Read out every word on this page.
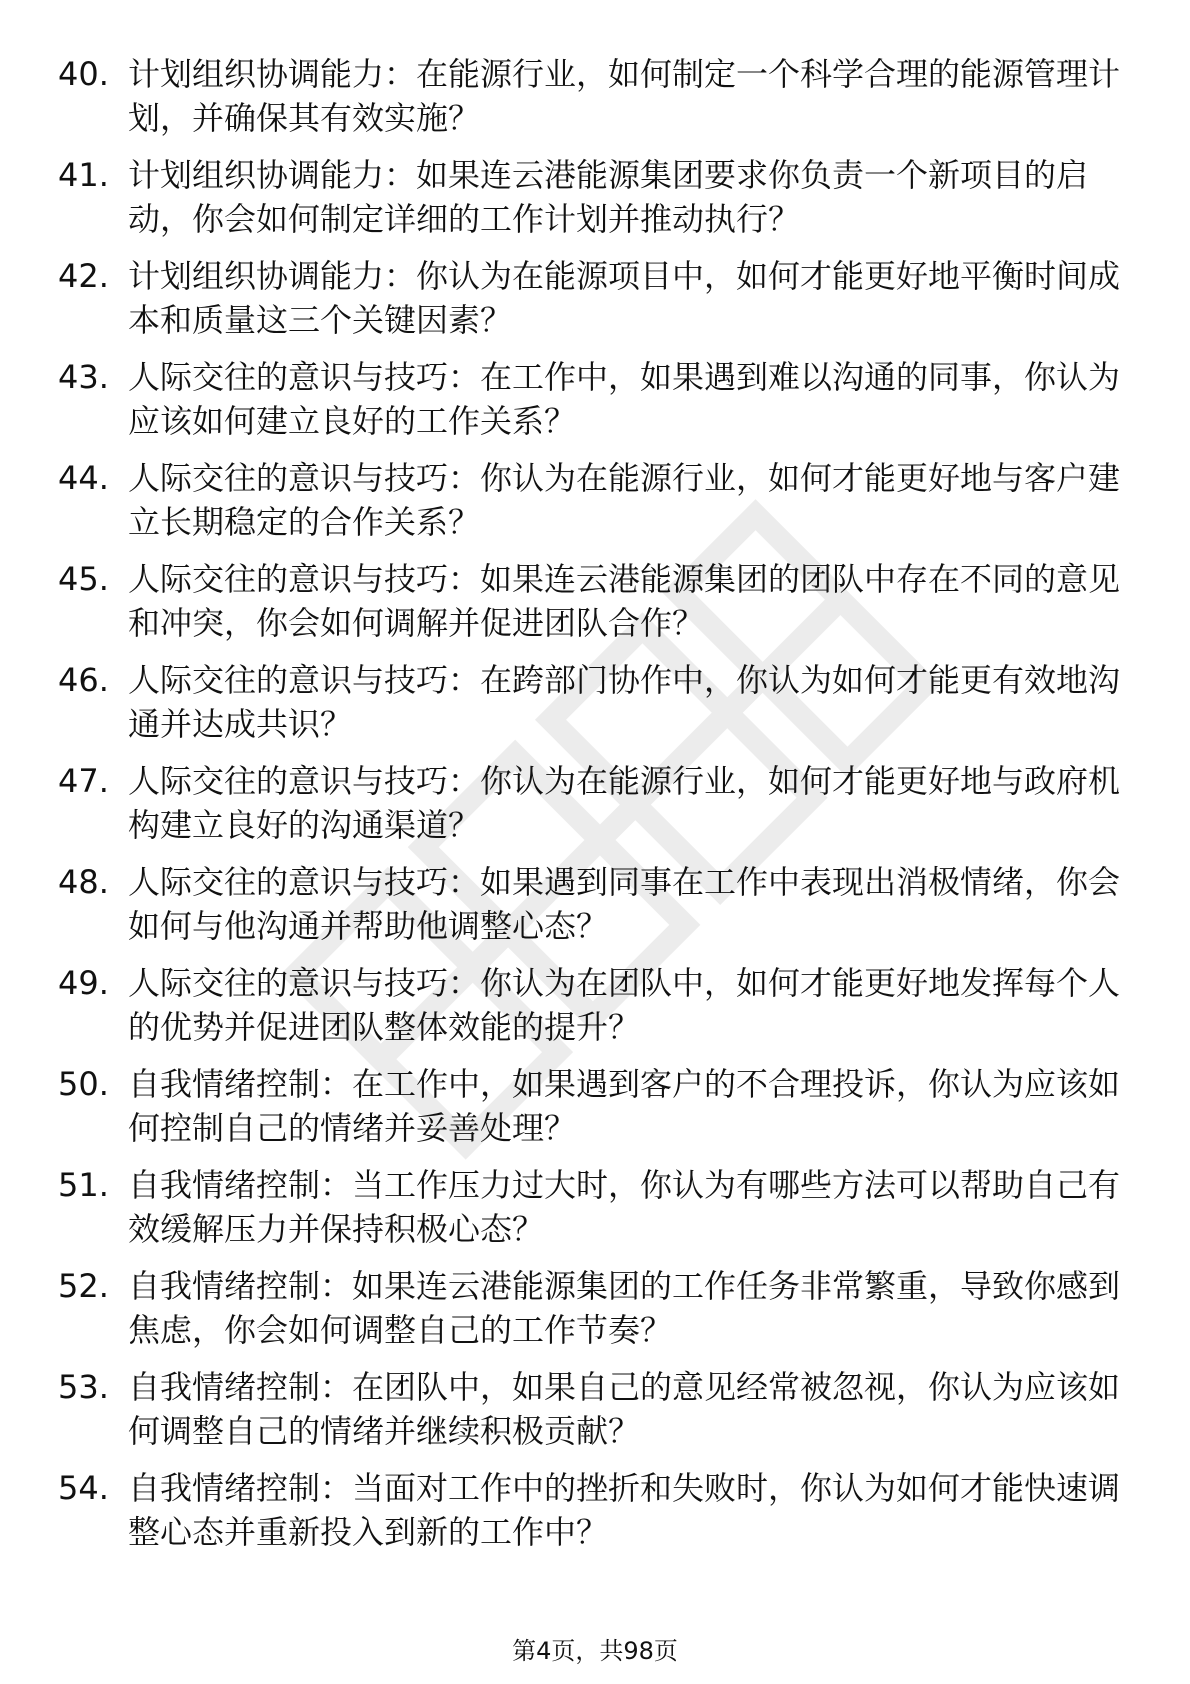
40. 计划组织协调能力：在能源行业，如何制定一个科学合理的能源管理计划，并确保其有效实施？
41. 计划组织协调能力：如果连云港能源集团要求你负责一个新项目的启动，你会如何制定详细的工作计划并推动执行？
42. 计划组织协调能力：你认为在能源项目中，如何才能更好地平衡时间成本和质量这三个关键因素？
43. 人际交往的意识与技巧：在工作中，如果遇到难以沟通的同事，你认为应该如何建立良好的工作关系？
44. 人际交往的意识与技巧：你认为在能源行业，如何才能更好地与客户建立长期稳定的合作关系？
45. 人际交往的意识与技巧：如果连云港能源集团的团队中存在不同的意见和冲突，你会如何调解并促进团队合作？
46. 人际交往的意识与技巧：在跨部门协作中，你认为如何才能更有效地沟通并达成共识？
47. 人际交往的意识与技巧：你认为在能源行业，如何才能更好地与政府机构建立良好的沟通渠道？
48. 人际交往的意识与技巧：如果遇到同事在工作中表现出消极情绪，你会如何与他沟通并帮助他调整心态？
49. 人际交往的意识与技巧：你认为在团队中，如何才能更好地发挥每个人的优势并促进团队整体效能的提升？
50. 自我情绪控制：在工作中，如果遇到客户的不合理投诉，你认为应该如何控制自己的情绪并妥善处理？
51. 自我情绪控制：当工作压力过大时，你认为有哪些方法可以帮助自己有效缓解压力并保持积极心态？
52. 自我情绪控制：如果连云港能源集团的工作任务非常繁重，导致你感到焦虑，你会如何调整自己的工作节奏？
53. 自我情绪控制：在团队中，如果自己的意见经常被忽视，你认为应该如何调整自己的情绪并继续积极贡献？
54. 自我情绪控制：当面对工作中的挫折和失败时，你认为如何才能快速调整心态并重新投入到新的工作中？
第4页，共98页
